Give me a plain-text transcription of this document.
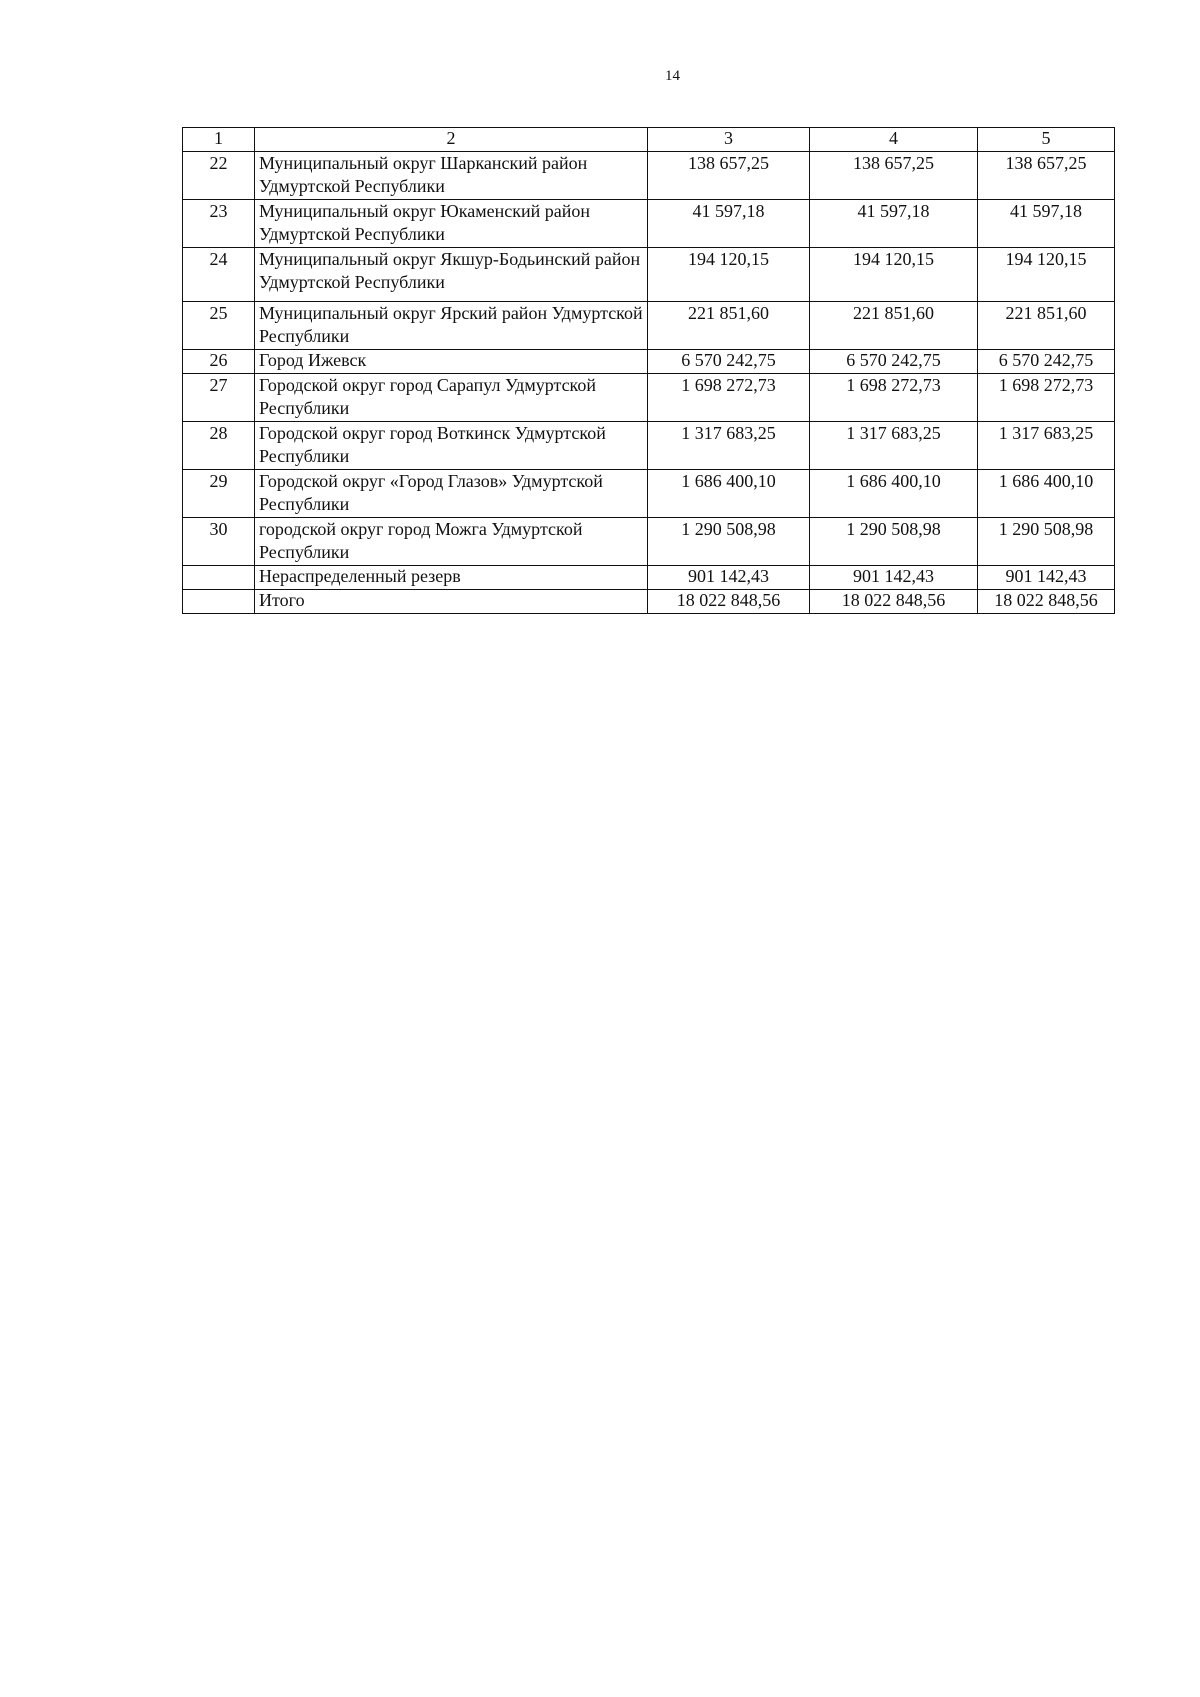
14
1	2	3	4	5
22	Муниципальный округ Шарканский район Удмуртской Республики	138 657,25	138 657,25	138 657,25
23	Муниципальный округ Юкаменский район Удмуртской Республики	41 597,18	41 597,18	41 597,18
24	Муниципальный округ Якшур-Бодьинский район Удмуртской Республики	194 120,15	194 120,15	194 120,15
25	Муниципальный округ Ярский район Удмуртской Республики	221 851,60	221 851,60	221 851,60
26	Город Ижевск	6 570 242,75	6 570 242,75	6 570 242,75
27	Городской округ город Сарапул Удмуртской Республики	1 698 272,73	1 698 272,73	1 698 272,73
28	Городской округ город Воткинск Удмуртской Республики	1 317 683,25	1 317 683,25	1 317 683,25
29	Городской округ «Город Глазов» Удмуртской Республики	1 686 400,10	1 686 400,10	1 686 400,10
30	городской округ город Можга Удмуртской Республики	1 290 508,98	1 290 508,98	1 290 508,98
	Нераспределенный резерв	901 142,43	901 142,43	901 142,43
	Итого	18 022 848,56	18 022 848,56	18 022 848,56
